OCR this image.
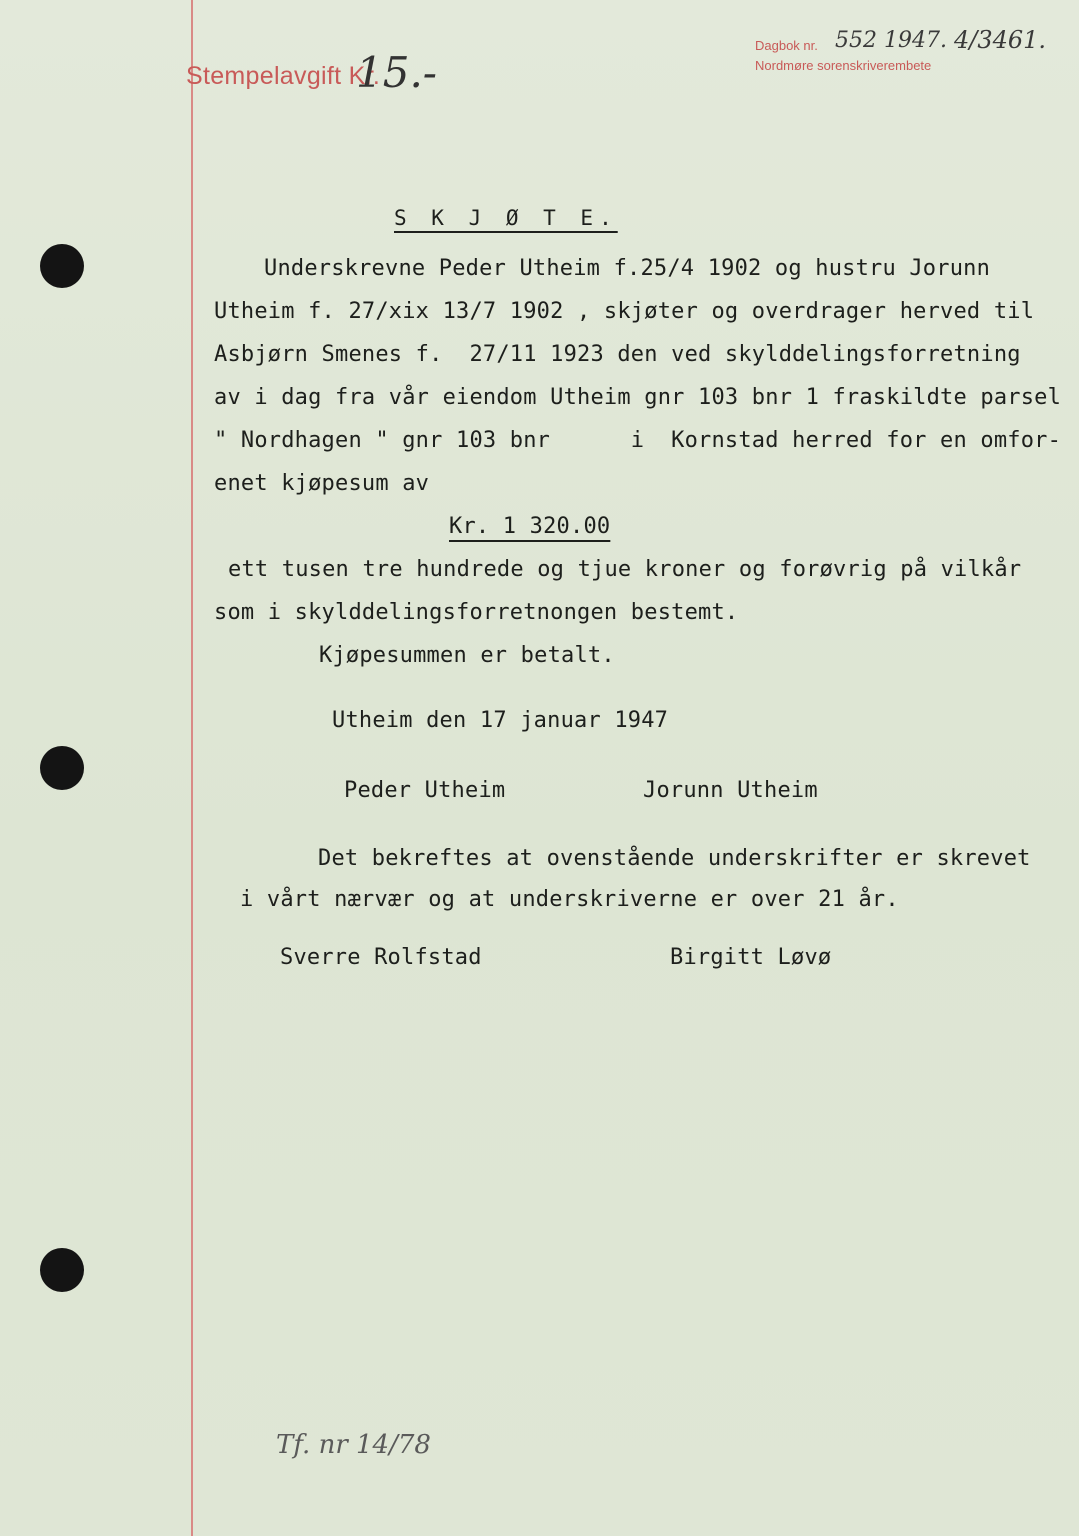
Stempelavgift Kr.
15.-
Dagbok nr. 552 1947. 4/3461.
Nordmøre sorenskriverembete
S K J Ø T E.
Underskrevne Peder Utheim f.25/4 1902 og hustru Jorunn
Utheim f. 27/xix 13/7 1902 , skjøter og overdrager herved til
Asbjørn Smenes f.  27/11 1923 den ved skylddelingsforretning
av i dag fra vår eiendom Utheim gnr 103 bnr 1 fraskildte parsel
" Nordhagen " gnr 103 bnr      i  Kornstad herred for en omfor-
enet kjøpesum av
Kr. 1 320.00
ett tusen tre hundrede og tjue kroner og forøvrig på vilkår
som i skylddelingsforretnongen bestemt.
Kjøpesummen er betalt.
Utheim den 17 januar 1947
Peder Utheim	Jorunn Utheim
Det bekreftes at ovenstående underskrifter er skrevet
i vårt nærvær og at underskriverne er over 21 år.
Sverre Rolfstad	Birgitt Løvø
Tf. nr 14/78
